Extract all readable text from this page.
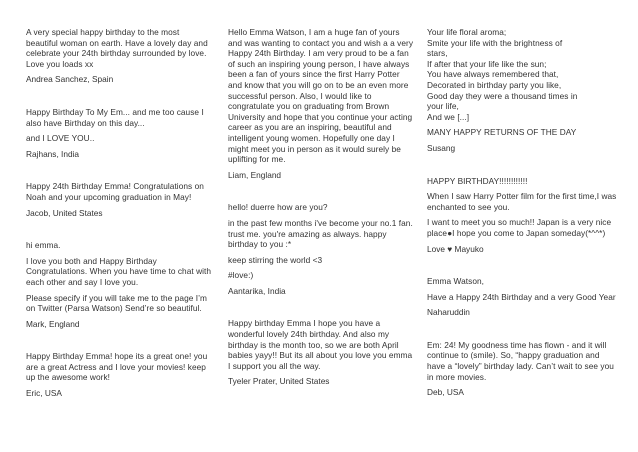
A very special happy birthday to the most beautiful woman on earth. Have a lovely day and celebrate your 24th birthday surrounded by love. Love you loads xx
Andrea Sanchez, Spain
Happy Birthday To My Em... and me too cause I also have Birthday on this day...
and I LOVE YOU..
Rajhans, India
Happy 24th Birthday Emma! Congratulations on Noah and your upcoming graduation in May!
Jacob, United States
hi emma.
I love you both and Happy Birthday Congratulations. When you have time to chat with each other and say I love you.
Please specify if you will take me to the page I’m on Twitter (Parsa Watson) Send’re so beautiful.
Mark, England
Happy Birthday Emma! hope its a great one! you are a great Actress and I love your movies! keep up the awesome work!
Eric, USA
Hello Emma Watson, I am a huge fan of yours and was wanting to contact you and wish a a very Happy 24th Birthday. I am very proud to be a fan of such an inspiring young person, I have always been a fan of yours since the first Harry Potter and know that you will go on to be an even more successful person. Also, I would like to congratulate you on graduating from Brown University and hope that you continue your acting career as you are an inspiring, beautiful and intelligent young women. Hopefully one day I might meet you in person as it would surely be uplifting for me.
Liam, England
hello! duerre how are you?
in the past few months i've become your no.1 fan. trust me. you're amazing as always. happy birthday to you :*
keep stirring the world <3
#love:)
Aantarika, India
Happy birthday Emma I hope you have a wonderful lovely 24th birthday. And also my birthday is the month too, so we are both April babies yayy!! But its all about you love you emma I support you all the way.
Tyeler Prater, United States
Your life floral aroma;
Smite your life with the brightness of
stars,
If after that your life like the sun;
You have always remembered that,
Decorated in birthday party you like,
Good day they were a thousand times in
your life,
And we [...]
MANY HAPPY RETURNS OF THE DAY
Susang
HAPPY BIRTHDAY!!!!!!!!!!!!
When I saw Harry Potter film for the first time,I was enchanted to see you.
I want to meet you so much!! Japan is a very nice place●I hope you come to Japan someday(*^^*)
Love ♥ Mayuko
Emma Watson,
Have a Happy 24th Birthday and a very Good Year
Naharuddin
Em: 24! My goodness time has flown - and it will continue to (smile). So, “happy graduation and have a “lovely” birthday lady. Can’t wait to see you in more movies.
Deb, USA
